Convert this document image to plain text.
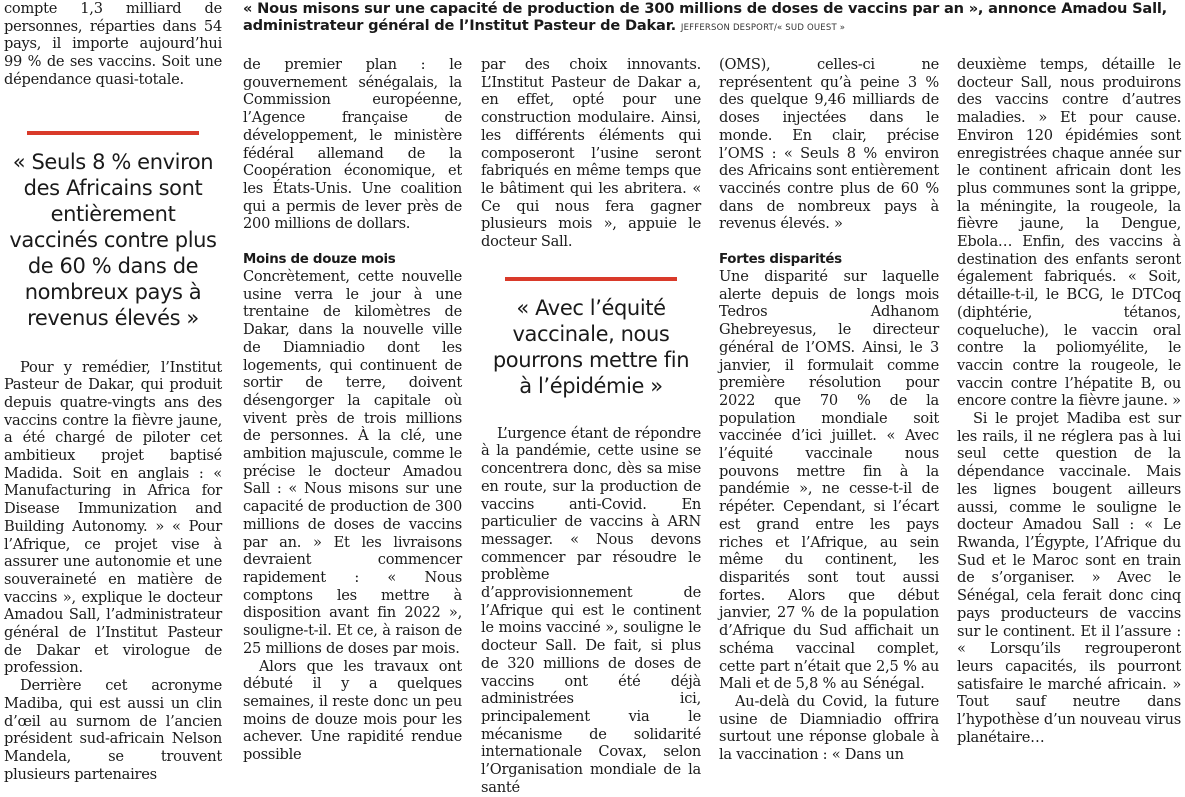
« Nous misons sur une capacité de production de 300 millions de doses de vaccins par an », annonce Amadou Sall, administrateur général de l’Institut Pasteur de Dakar. JEFFERSON DESPORT/« SUD OUEST »

compte 1,3 milliard de personnes, réparties dans 54 pays, il importe aujourd’hui 99 % de ses vaccins. Soit une dépendance quasi-totale.

« Seuls 8 % environ des Africains sont entièrement vaccinés contre plus de 60 % dans de nombreux pays à revenus élevés »

Pour y remédier, l’Institut Pasteur de Dakar, qui produit depuis quatre-vingts ans des vaccins contre la fièvre jaune, a été chargé de piloter cet ambitieux projet baptisé Madida. Soit en anglais : « Manufacturing in Africa for Disease Immunization and Building Autonomy. » « Pour l’Afrique, ce projet vise à assurer une autonomie et une souveraineté en matière de vaccins », explique le docteur Amadou Sall, l’administrateur général de l’Institut Pasteur de Dakar et virologue de profession.

Derrière cet acronyme Madiba, qui est aussi un clin d’œil au surnom de l’ancien président sud-africain Nelson Mandela, se trouvent plusieurs partenaires

de premier plan : le gouvernement sénégalais, la Commission européenne, l’Agence française de développement, le ministère fédéral allemand de la Coopération économique, et les États-Unis. Une coalition qui a permis de lever près de 200 millions de dollars.

Moins de douze mois

Concrètement, cette nouvelle usine verra le jour à une trentaine de kilomètres de Dakar, dans la nouvelle ville de Diamniadio dont les logements, qui continuent de sortir de terre, doivent désengorger la capitale où vivent près de trois millions de personnes. À la clé, une ambition majuscule, comme le précise le docteur Amadou Sall : « Nous misons sur une capacité de production de 300 millions de doses de vaccins par an. » Et les livraisons devraient commencer rapidement : « Nous comptons les mettre à disposition avant fin 2022 », souligne-t-il. Et ce, à raison de 25 millions de doses par mois.

Alors que les travaux ont débuté il y a quelques semaines, il reste donc un peu moins de douze mois pour les achever. Une rapidité rendue possible

par des choix innovants. L’Institut Pasteur de Dakar a, en effet, opté pour une construction modulaire. Ainsi, les différents éléments qui composeront l’usine seront fabriqués en même temps que le bâtiment qui les abritera. « Ce qui nous fera gagner plusieurs mois », appuie le docteur Sall.

« Avec l’équité vaccinale, nous pourrons mettre fin à l’épidémie »

L’urgence étant de répondre à la pandémie, cette usine se concentrera donc, dès sa mise en route, sur la production de vaccins anti-Covid. En particulier de vaccins à ARN messager. « Nous devons commencer par résoudre le problème d’approvisionnement de l’Afrique qui est le continent le moins vacciné », souligne le docteur Sall. De fait, si plus de 320 millions de doses de vaccins ont été déjà administrées ici, principalement via le mécanisme de solidarité internationale Covax, selon l’Organisation mondiale de la santé

(OMS), celles-ci ne représentent qu’à peine 3 % des quelque 9,46 milliards de doses injectées dans le monde. En clair, précise l’OMS : « Seuls 8 % environ des Africains sont entièrement vaccinés contre plus de 60 % dans de nombreux pays à revenus élevés. »

Fortes disparités

Une disparité sur laquelle alerte depuis de longs mois Tedros Adhanom Ghebreyesus, le directeur général de l’OMS. Ainsi, le 3 janvier, il formulait comme première résolution pour 2022 que 70 % de la population mondiale soit vaccinée d’ici juillet. « Avec l’équité vaccinale nous pouvons mettre fin à la pandémie », ne cesse-t-il de répéter. Cependant, si l’écart est grand entre les pays riches et l’Afrique, au sein même du continent, les disparités sont tout aussi fortes. Alors que début janvier, 27 % de la population d’Afrique du Sud affichait un schéma vaccinal complet, cette part n’était que 2,5 % au Mali et de 5,8 % au Sénégal.

Au-delà du Covid, la future usine de Diamniadio offrira surtout une réponse globale à la vaccination : « Dans un

deuxième temps, détaille le docteur Sall, nous produirons des vaccins contre d’autres maladies. » Et pour cause. Environ 120 épidémies sont enregistrées chaque année sur le continent africain dont les plus communes sont la grippe, la méningite, la rougeole, la fièvre jaune, la Dengue, Ebola… Enfin, des vaccins à destination des enfants seront également fabriqués. « Soit, détaille-t-il, le BCG, le DTCoq (diphtérie, tétanos, coqueluche), le vaccin oral contre la poliomyélite, le vaccin contre la rougeole, le vaccin contre l’hépatite B, ou encore contre la fièvre jaune. »

Si le projet Madiba est sur les rails, il ne réglera pas à lui seul cette question de la dépendance vaccinale. Mais les lignes bougent ailleurs aussi, comme le souligne le docteur Amadou Sall : « Le Rwanda, l’Égypte, l’Afrique du Sud et le Maroc sont en train de s’organiser. » Avec le Sénégal, cela ferait donc cinq pays producteurs de vaccins sur le continent. Et il l’assure : « Lorsqu’ils regrouperont leurs capacités, ils pourront satisfaire le marché africain. » Tout sauf neutre dans l’hypothèse d’un nouveau virus planétaire…
